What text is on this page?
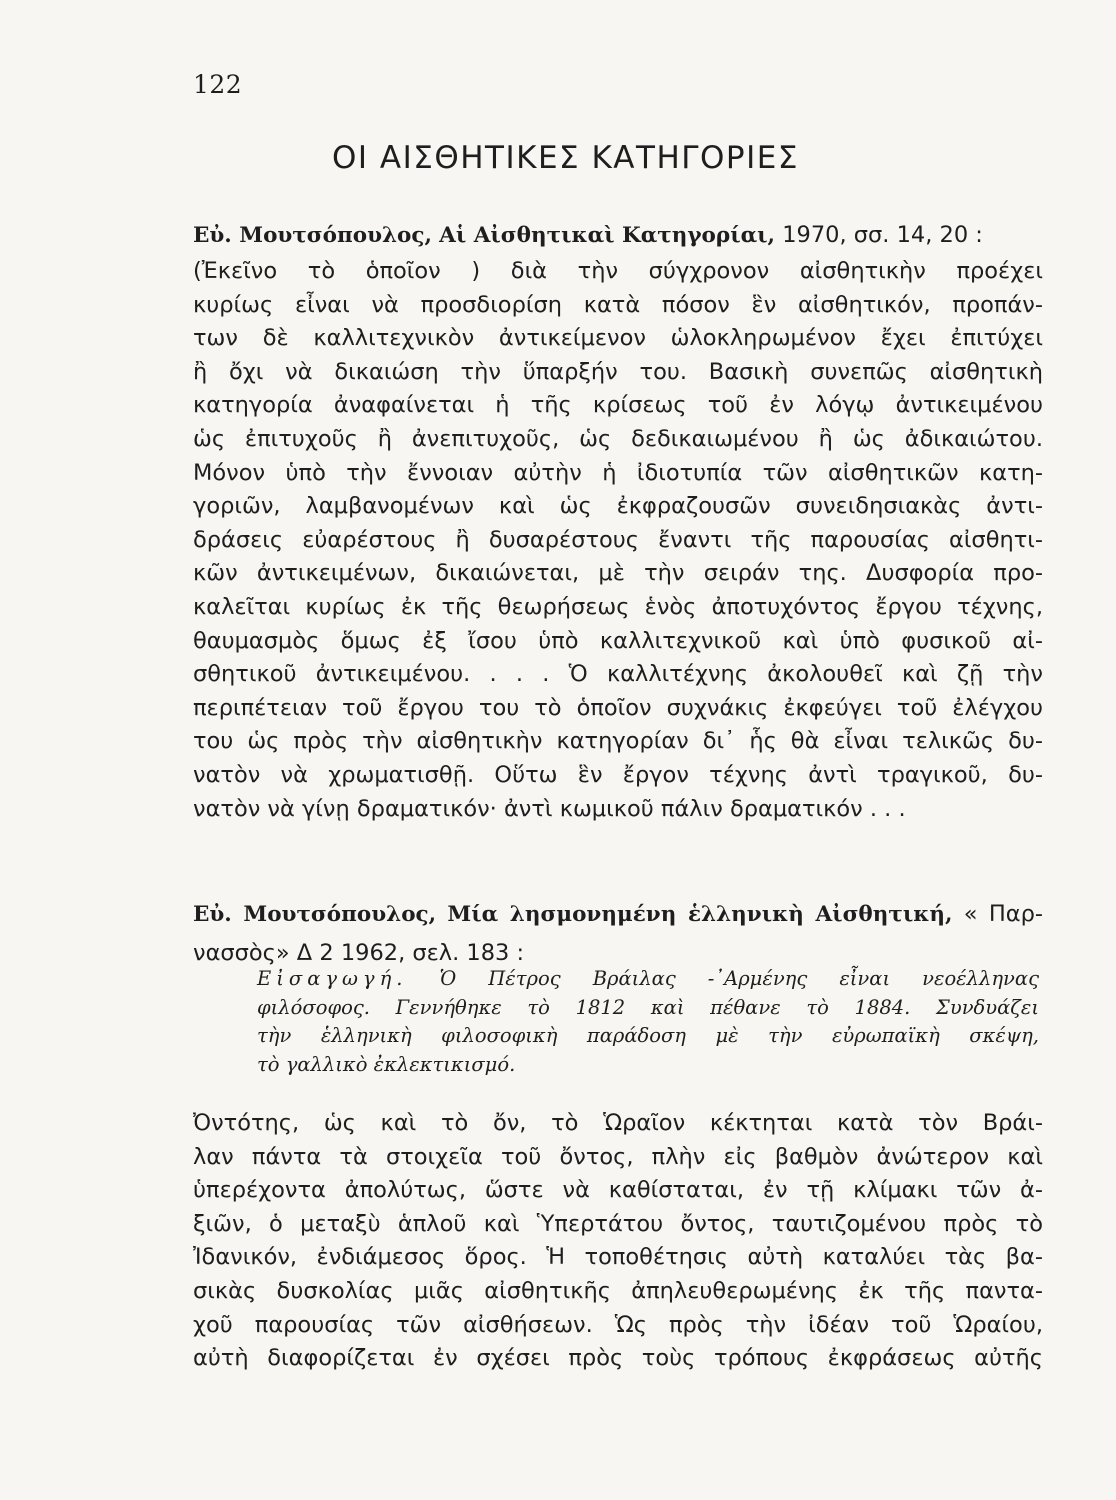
122
ΟΙ ΑΙΣΘΗΤΙΚΕΣ ΚΑΤΗΓΟΡΙΕΣ
Εὐ. Μουτσόπουλος, Αἱ Αἰσθητικαὶ Κατηγορίαι, 1970, σσ. 14, 20 :
(Ἐκεῖνο τὸ ὁποῖον ) διὰ τὴν σύγχρονον αἰσθητικὴν προέχει
κυρίως εἶναι νὰ προσδιορίση κατὰ πόσον ἓν αἰσθητικόν, προπάν-
των δὲ καλλιτεχνικὸν ἀντικείμενον ὡλοκληρωμένον ἔχει ἐπιτύχει
ἢ ὄχι νὰ δικαιώση τὴν ὕπαρξήν του. Βασικὴ συνεπῶς αἰσθητικὴ
κατηγορία ἀναφαίνεται ἡ τῆς κρίσεως τοῦ ἐν λόγῳ ἀντικειμένου
ὡς ἐπιτυχοῦς ἢ ἀνεπιτυχοῦς, ὡς δεδικαιωμένου ἢ ὡς ἀδικαιώτου.
Μόνον ὑπὸ τὴν ἔννοιαν αὐτὴν ἡ ἰδιοτυπία τῶν αἰσθητικῶν κατη-
γοριῶν, λαμβανομένων καὶ ὡς ἐκφραζουσῶν συνειδησιακὰς ἀντι-
δράσεις εὐαρέστους ἢ δυσαρέστους ἔναντι τῆς παρουσίας αἰσθητι-
κῶν ἀντικειμένων, δικαιώνεται, μὲ τὴν σειράν της. Δυσφορία προ-
καλεῖται κυρίως ἐκ τῆς θεωρήσεως ἑνὸς ἀποτυχόντος ἔργου τέχνης,
θαυμασμὸς ὅμως ἐξ ἴσου ὑπὸ καλλιτεχνικοῦ καὶ ὑπὸ φυσικοῦ αἰ-
σθητικοῦ ἀντικειμένου. . . . Ὁ καλλιτέχνης ἀκολουθεῖ καὶ ζῇ τὴν
περιπέτειαν τοῦ ἔργου του τὸ ὁποῖον συχνάκις ἐκφεύγει τοῦ ἐλέγχου
του ὡς πρὸς τὴν αἰσθητικὴν κατηγορίαν δι᾽ ἧς θὰ εἶναι τελικῶς δυ-
νατὸν νὰ χρωματισθῇ. Οὕτω ἓν ἔργον τέχνης ἀντὶ τραγικοῦ, δυ-
νατὸν νὰ γίνῃ δραματικόν· ἀντὶ κωμικοῦ πάλιν δραματικόν . . .
Εὐ. Μουτσόπουλος, Μία λησμονημένη ἑλληνικὴ Αἰσθητική, « Παρ-
νασσὸς» Δ 2 1962, σελ. 183 :
Εἰσαγωγή. Ὁ Πέτρος Βράιλας -᾽Αρμένης εἶναι νεοέλληνας
φιλόσοφος. Γεννήθηκε τὸ 1812 καὶ πέθανε τὸ 1884. Συνδυάζει
τὴν ἑλληνικὴ φιλοσοφικὴ παράδοση μὲ τὴν εὐρωπαϊκὴ σκέψη,
τὸ γαλλικὸ ἐκλεκτικισμό.
Ὀντότης, ὡς καὶ τὸ ὄν, τὸ Ὡραῖον κέκτηται κατὰ τὸν Βράι-
λαν πάντα τὰ στοιχεῖα τοῦ ὄντος, πλὴν εἰς βαθμὸν ἀνώτερον καὶ
ὑπερέχοντα ἀπολύτως, ὥστε νὰ καθίσταται, ἐν τῇ κλίμακι τῶν ἀ-
ξιῶν, ὁ μεταξὺ ἁπλοῦ καὶ Ὑπερτάτου ὄντος, ταυτιζομένου πρὸς τὸ
Ἰδανικόν, ἐνδιάμεσος ὅρος. Ἡ τοποθέτησις αὐτὴ καταλύει τὰς βα-
σικὰς δυσκολίας μιᾶς αἰσθητικῆς ἀπηλευθερωμένης ἐκ τῆς παντα-
χοῦ παρουσίας τῶν αἰσθήσεων. Ὡς πρὸς τὴν ἰδέαν τοῦ Ὡραίου,
αὐτὴ διαφορίζεται ἐν σχέσει πρὸς τοὺς τρόπους ἐκφράσεως αὐτῆς
